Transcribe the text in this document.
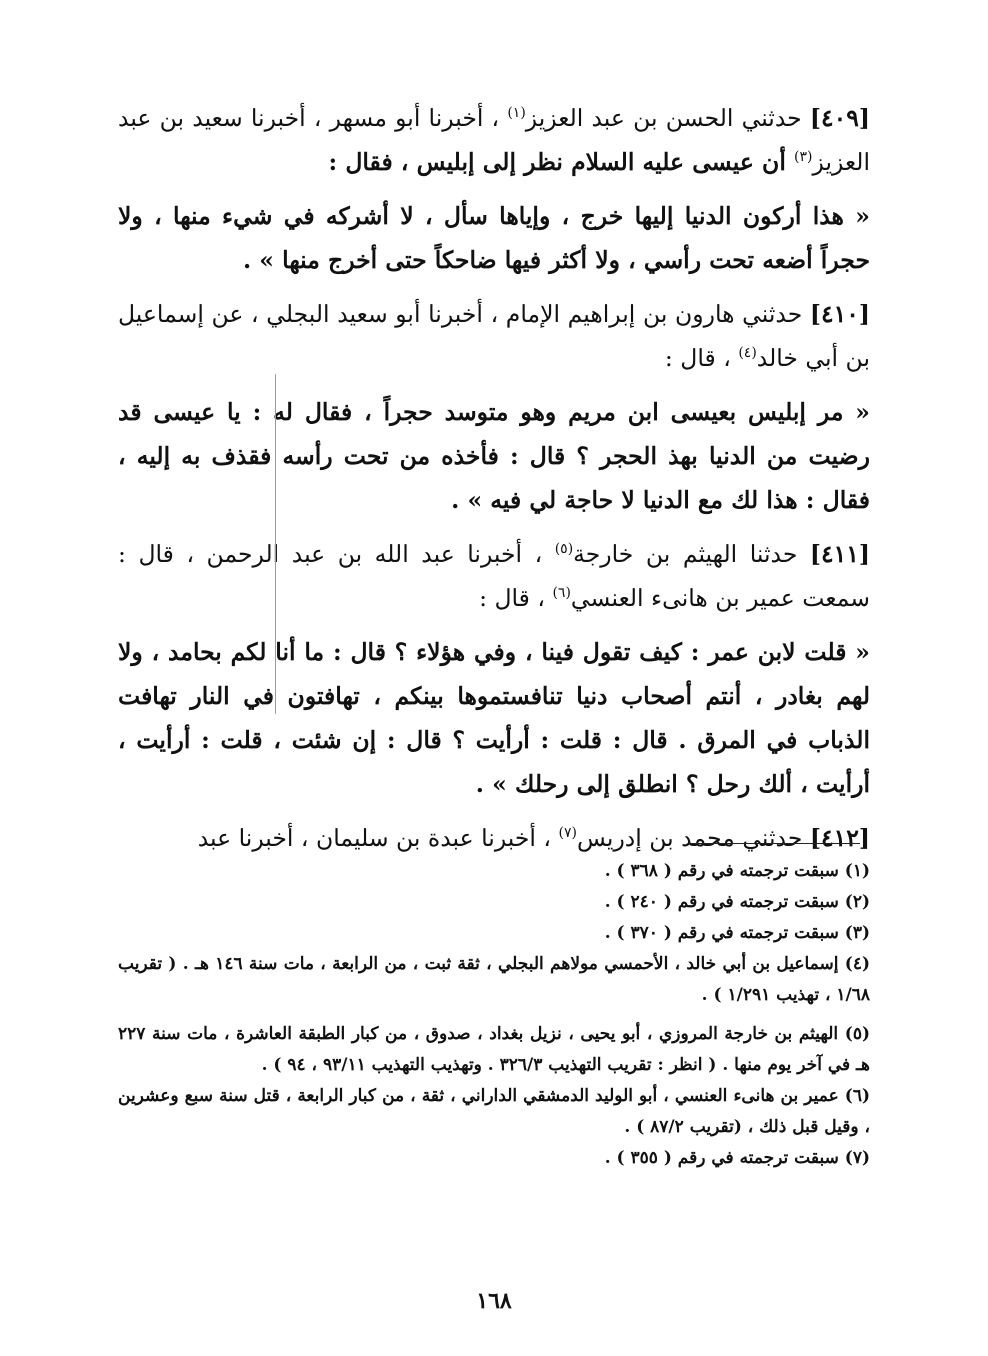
[٤٠٩] حدثني الحسن بن عبد العزيز$^{(١)}$ ، أخبرنا أبو مسهر ، أخبرنا سعيد بن عبد العزيز$^{(٣)}$ أن عيسى عليه السلام نظر إلى إبليس ، فقال :

« هذا أركون الدنيا إليها خرج ، وإياها سأل ، لا أشركه في شيء منها ، ولا حجراً أضعه تحت رأسي ، ولا أكثر فيها ضاحكاً حتى أخرج منها » .

[٤١٠] حدثني هارون بن إبراهيم الإمام ، أخبرنا أبو سعيد البجلي ، عن إسماعيل بن أبي خالد$^{(٤)}$ ، قال :

« مر إبليس بعيسى ابن مريم وهو متوسد حجراً ، فقال له : يا عيسى قد رضيت من الدنيا بهذ الحجر ؟ قال : فأخذه من تحت رأسه فقذف به إليه ، فقال : هذا لك مع الدنيا لا حاجة لي فيه » .

[٤١١] حدثنا الهيثم بن خارجة$^{(٥)}$ ، أخبرنا عبد الله بن عبد الرحمن ، قال : سمعت عمير بن هانىء العنسي$^{(٦)}$ ، قال :

« قلت لابن عمر : كيف تقول فينا ، وفي هؤلاء ؟ قال : ما أنا لكم بحامد ، ولا لهم بغادر ، أنتم أصحاب دنيا تنافستموها بينكم ، تهافتون في النار تهافت الذباب في المرق . قال : قلت : أرأيت ؟ قال : إن شئت ، قلت : أرأيت ، أرأيت ، ألك رحل ؟ انطلق إلى رحلك » .

[٤١٢] حدثني محمد بن إدريس$^{(٧)}$ ، أخبرنا عبدة بن سليمان ، أخبرنا عبد

(١) سبقت ترجمته في رقم ( ٣٦٨ ) .

(٢) سبقت ترجمته في رقم ( ٢٤٠ ) .

(٣) سبقت ترجمته في رقم ( ٣٧٠ ) .

(٤) إسماعيل بن أبي خالد ، الأحمسي مولاهم البجلي ، ثقة ثبت ، من الرابعة ، مات سنة ١٤٦ هـ . ( تقريب ١/٦٨ ، تهذيب ١/٢٩١ ) .

(٥) الهيثم بن خارجة المروزي ، أبو يحيى ، نزيل بغداد ، صدوق ، من كبار الطبقة العاشرة ، مات سنة ٢٢٧ هـ في آخر يوم منها . ( انظر : تقريب التهذيب ٣٢٦/٣ . وتهذيب التهذيب ٩٣/١١ ، ٩٤ ) .

(٦) عمير بن هانىء العنسي ، أبو الوليد الدمشقي الداراني ، ثقة ، من كبار الرابعة ، قتل سنة سبع وعشرين ، وقيل قبل ذلك ، (تقريب ٨٧/٢ ) .

(٧) سبقت ترجمته في رقم ( ٣٥٥ ) .

١٦٨
